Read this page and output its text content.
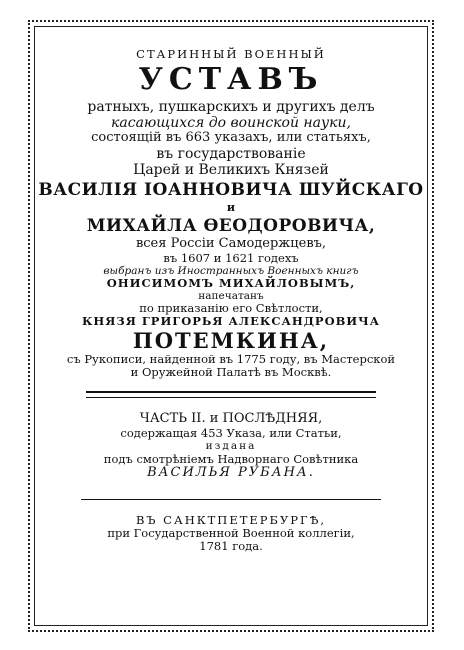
СТАРИННЫЙ ВОЕННЫЙ
УСТАВЪ
ратныхъ, пушкарскихъ и другихъ делъ
касающихся до воинской науки,
состоящій въ 663 указахъ, или статьяхъ,
въ государствованіе
Царей и Великихъ Князей
ВАСИЛІЯ ІОАННОВИЧА ШУЙСКАГО
и
МИХАЙЛА ѲЕОДОРОВИЧА,
всея Россіи Самодержцевъ,
въ 1607 и 1621 годехъ
выбранъ изъ Иностранныхъ Военныхъ книгъ
ОНИСИМОМЪ МИХАЙЛОВЫМЪ,
напечатанъ
по приказанію его Свѣтлости,
КНЯЗЯ ГРИГОРЬЯ АЛЕКСАНДРОВИЧА
ПОТЕМКИНА,
съ Рукописи, найденной въ 1775 году, въ Мастерской
и Оружейной Палатѣ въ Москвѣ.
ЧАСТЬ II. и ПОСЛѢДНЯЯ,
содержащая 453 Указа, или Статьи,
издана
подъ смотрѣніемъ Надворнаго Совѣтника
ВАСИЛЬЯ РУБАНА.
ВЪ САНКТПЕТЕРБУРГѢ,
при Государственной Военной коллегіи,
1781 года.
